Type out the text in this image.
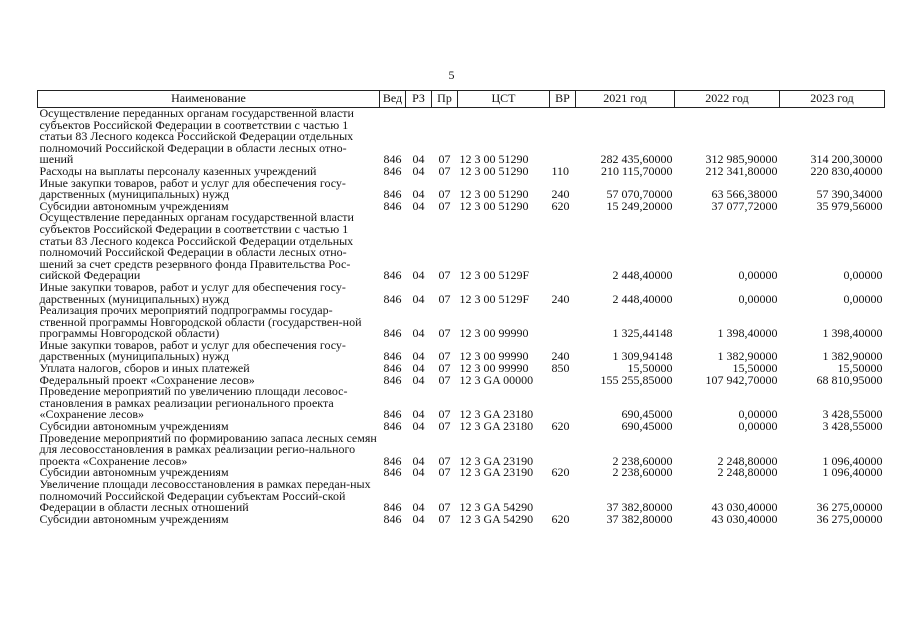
5
Наименование	Вед	РЗ	Пр	ЦСТ	ВР	2021 год	2022 год	2023 год
Осуществление переданных органам государственной власти субъектов Российской Федерации в соответствии с частью 1 статьи 83 Лесного кодекса Российской Федерации отдельных полномочий Российской Федерации в области лесных отно-шений	846	04	07	12 3 00 51290		282 435,60000	312 985,90000	314 200,30000
Расходы на выплаты персоналу казенных учреждений	846	04	07	12 3 00 51290	110	210 115,70000	212 341,80000	220 830,40000
Иные закупки товаров, работ и услуг для обеспечения госу-дарственных (муниципальных) нужд	846	04	07	12 3 00 51290	240	57 070,70000	63 566,38000	57 390,34000
Субсидии автономным учреждениям	846	04	07	12 3 00 51290	620	15 249,20000	37 077,72000	35 979,56000
Осуществление переданных органам государственной власти субъектов Российской Федерации в соответствии с частью 1 статьи 83 Лесного кодекса Российской Федерации отдельных полномочий Российской Федерации в области лесных отно-шений за счет средств резервного фонда Правительства Рос-сийской Федерации	846	04	07	12 3 00 5129F		2 448,40000	0,00000	0,00000
Иные закупки товаров, работ и услуг для обеспечения госу-дарственных (муниципальных) нужд	846	04	07	12 3 00 5129F	240	2 448,40000	0,00000	0,00000
Реализация прочих мероприятий подпрограммы государ-ственной программы Новгородской области (государствен-ной программы Новгородской области)	846	04	07	12 3 00 99990		1 325,44148	1 398,40000	1 398,40000
Иные закупки товаров, работ и услуг для обеспечения госу-дарственных (муниципальных) нужд	846	04	07	12 3 00 99990	240	1 309,94148	1 382,90000	1 382,90000
Уплата налогов, сборов и иных платежей	846	04	07	12 3 00 99990	850	15,50000	15,50000	15,50000
Федеральный проект «Сохранение лесов»	846	04	07	12 3 GA 00000		155 255,85000	107 942,70000	68 810,95000
Проведение мероприятий по увеличению площади лесовос-становления в рамках реализации регионального проекта «Сохранение лесов»	846	04	07	12 3 GA 23180		690,45000	0,00000	3 428,55000
Субсидии автономным учреждениям	846	04	07	12 3 GA 23180	620	690,45000	0,00000	3 428,55000
Проведение мероприятий по формированию запаса лесных семян для лесовосстановления в рамках реализации регио-нального проекта «Сохранение лесов»	846	04	07	12 3 GA 23190		2 238,60000	2 248,80000	1 096,40000
Субсидии автономным учреждениям	846	04	07	12 3 GA 23190	620	2 238,60000	2 248,80000	1 096,40000
Увеличение площади лесовосстановления в рамках передан-ных полномочий Российской Федерации субъектам Россий-ской Федерации в области лесных отношений	846	04	07	12 3 GA 54290		37 382,80000	43 030,40000	36 275,00000
Субсидии автономным учреждениям	846	04	07	12 3 GA 54290	620	37 382,80000	43 030,40000	36 275,00000
